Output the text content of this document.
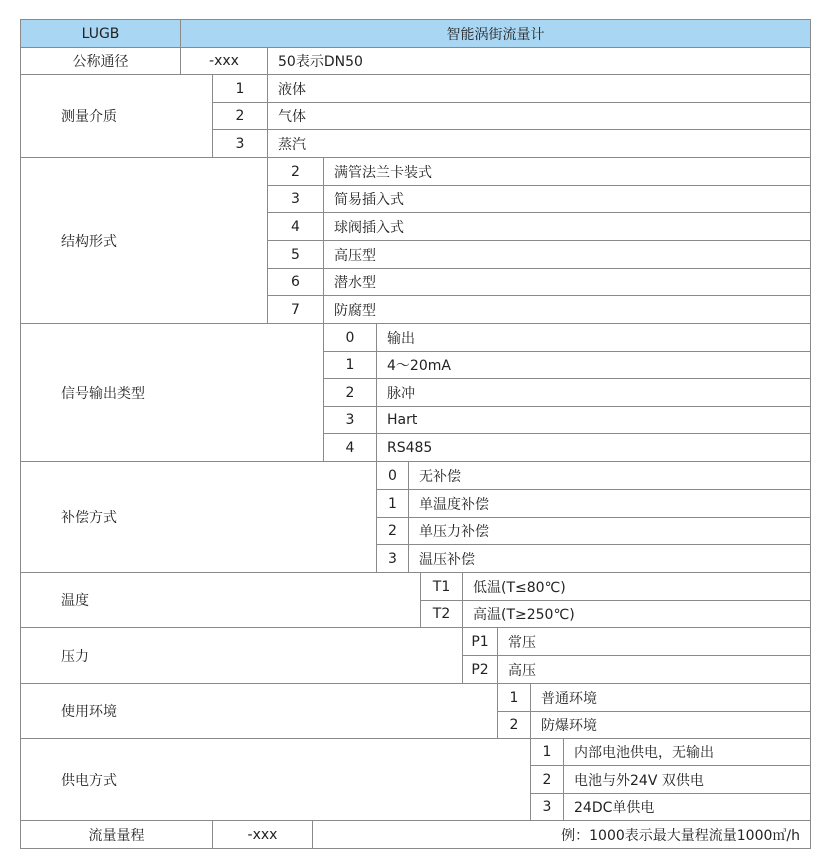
LUGB	智能涡街流量计
公称通径	-xxx	50表示DN50
测量介质
1 液体
2 气体
3 蒸汽
结构形式
2 满管法兰卡装式
3 简易插入式
4 球阀插入式
5 高压型
6 潜水型
7 防腐型
信号输出类型
0 输出
1 4～20mA
2 脉冲
3 Hart
4 RS485
补偿方式
0 无补偿
1 单温度补偿
2 单压力补偿
3 温压补偿
温度
T1 低温(T≤80℃)
T2 高温(T≥250℃)
压力
P1 常压
P2 高压
使用环境
1 普通环境
2 防爆环境
供电方式
1 内部电池供电，无输出
2 电池与外24V 双供电
3 24DC单供电
流量量程	-xxx	例：1000表示最大量程流量1000㎥/h
